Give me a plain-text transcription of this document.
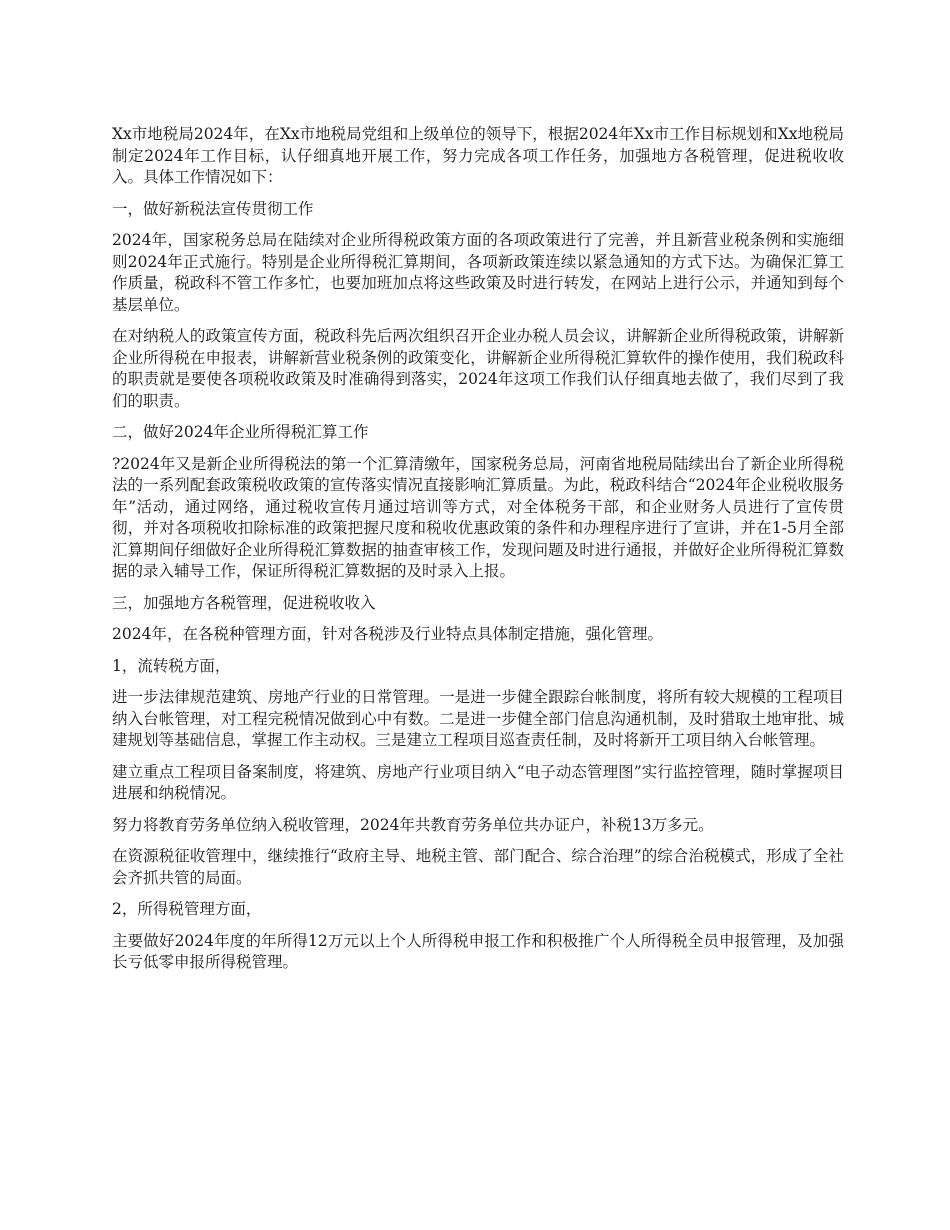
Xx市地税局2024年，在Xx市地税局党组和上级单位的领导下，根据2024年Xx市工作目标规划和Xx地税局制定2024年工作目标，认仔细真地开展工作，努力完成各项工作任务，加强地方各税管理，促进税收收入。具体工作情况如下：

一，做好新税法宣传贯彻工作

2024年，国家税务总局在陆续对企业所得税政策方面的各项政策进行了完善，并且新营业税条例和实施细则2024年正式施行。特别是企业所得税汇算期间，各项新政策连续以紧急通知的方式下达。为确保汇算工作质量，税政科不管工作多忙，也要加班加点将这些政策及时进行转发，在网站上进行公示，并通知到每个基层单位。

在对纳税人的政策宣传方面，税政科先后两次组织召开企业办税人员会议，讲解新企业所得税政策，讲解新企业所得税在申报表，讲解新营业税条例的政策变化，讲解新企业所得税汇算软件的操作使用，我们税政科的职责就是要使各项税收政策及时准确得到落实，2024年这项工作我们认仔细真地去做了，我们尽到了我们的职责。

二，做好2024年企业所得税汇算工作

?2024年又是新企业所得税法的第一个汇算清缴年，国家税务总局，河南省地税局陆续出台了新企业所得税法的一系列配套政策税收政策的宣传落实情况直接影响汇算质量。为此，税政科结合“2024年企业税收服务年”活动，通过网络，通过税收宣传月通过培训等方式，对全体税务干部，和企业财务人员进行了宣传贯彻，并对各项税收扣除标准的政策把握尺度和税收优惠政策的条件和办理程序进行了宣讲，并在1-5月全部汇算期间仔细做好企业所得税汇算数据的抽查审核工作，发现问题及时进行通报，并做好企业所得税汇算数据的录入辅导工作，保证所得税汇算数据的及时录入上报。

三，加强地方各税管理，促进税收收入

2024年，在各税种管理方面，针对各税涉及行业特点具体制定措施，强化管理。

1，流转税方面，

进一步法律规范建筑、房地产行业的日常管理。一是进一步健全跟踪台帐制度，将所有较大规模的工程项目纳入台帐管理，对工程完税情况做到心中有数。二是进一步健全部门信息沟通机制，及时猎取土地审批、城建规划等基础信息，掌握工作主动权。三是建立工程项目巡查责任制，及时将新开工项目纳入台帐管理。

建立重点工程项目备案制度，将建筑、房地产行业项目纳入“电子动态管理图”实行监控管理，随时掌握项目进展和纳税情况。

努力将教育劳务单位纳入税收管理，2024年共教育劳务单位共办证户，补税13万多元。

在资源税征收管理中，继续推行“政府主导、地税主管、部门配合、综合治理”的综合治税模式，形成了全社会齐抓共管的局面。

2，所得税管理方面，

主要做好2024年度的年所得12万元以上个人所得税申报工作和积极推广个人所得税全员申报管理，及加强长亏低零申报所得税管理。
